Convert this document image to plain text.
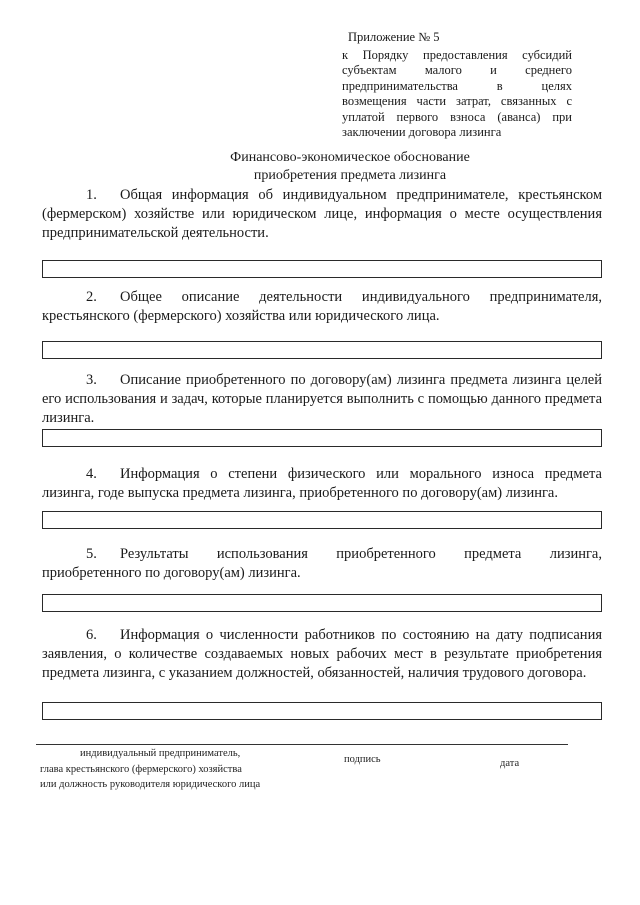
Приложение № 5
к Порядку предоставления субсидий
субъектам малого и среднего
предпринимательства в целях
возмещения части затрат, связанных с
уплатой первого взноса (аванса) при
заключении договора лизинга
Финансово-экономическое обоснование
приобретения предмета лизинга

1. Общая информация об индивидуальном предпринимателе, крестьянском (фермерском) хозяйстве или юридическом лице, информация о месте осуществления предпринимательской деятельности.

2. Общее описание деятельности индивидуального предпринимателя, крестьянского (фермерского) хозяйства или юридического лица.

3. Описание приобретенного по договору(ам) лизинга предмета лизинга целей его использования и задач, которые планируется выполнить с помощью данного предмета лизинга.

4. Информация о степени физического или морального износа предмета лизинга, годе выпуска предмета лизинга, приобретенного по договору(ам) лизинга.

5. Результаты использования приобретенного предмета лизинга, приобретенного по договору(ам) лизинга.

6. Информация о численности работников по состоянию на дату подписания заявления, о количестве создаваемых новых рабочих мест в результате приобретения предмета лизинга, с указанием должностей, обязанностей, наличия трудового договора.

индивидуальный предприниматель,
глава крестьянского (фермерского) хозяйства
или должность руководителя юридического лица
подпись	дата
